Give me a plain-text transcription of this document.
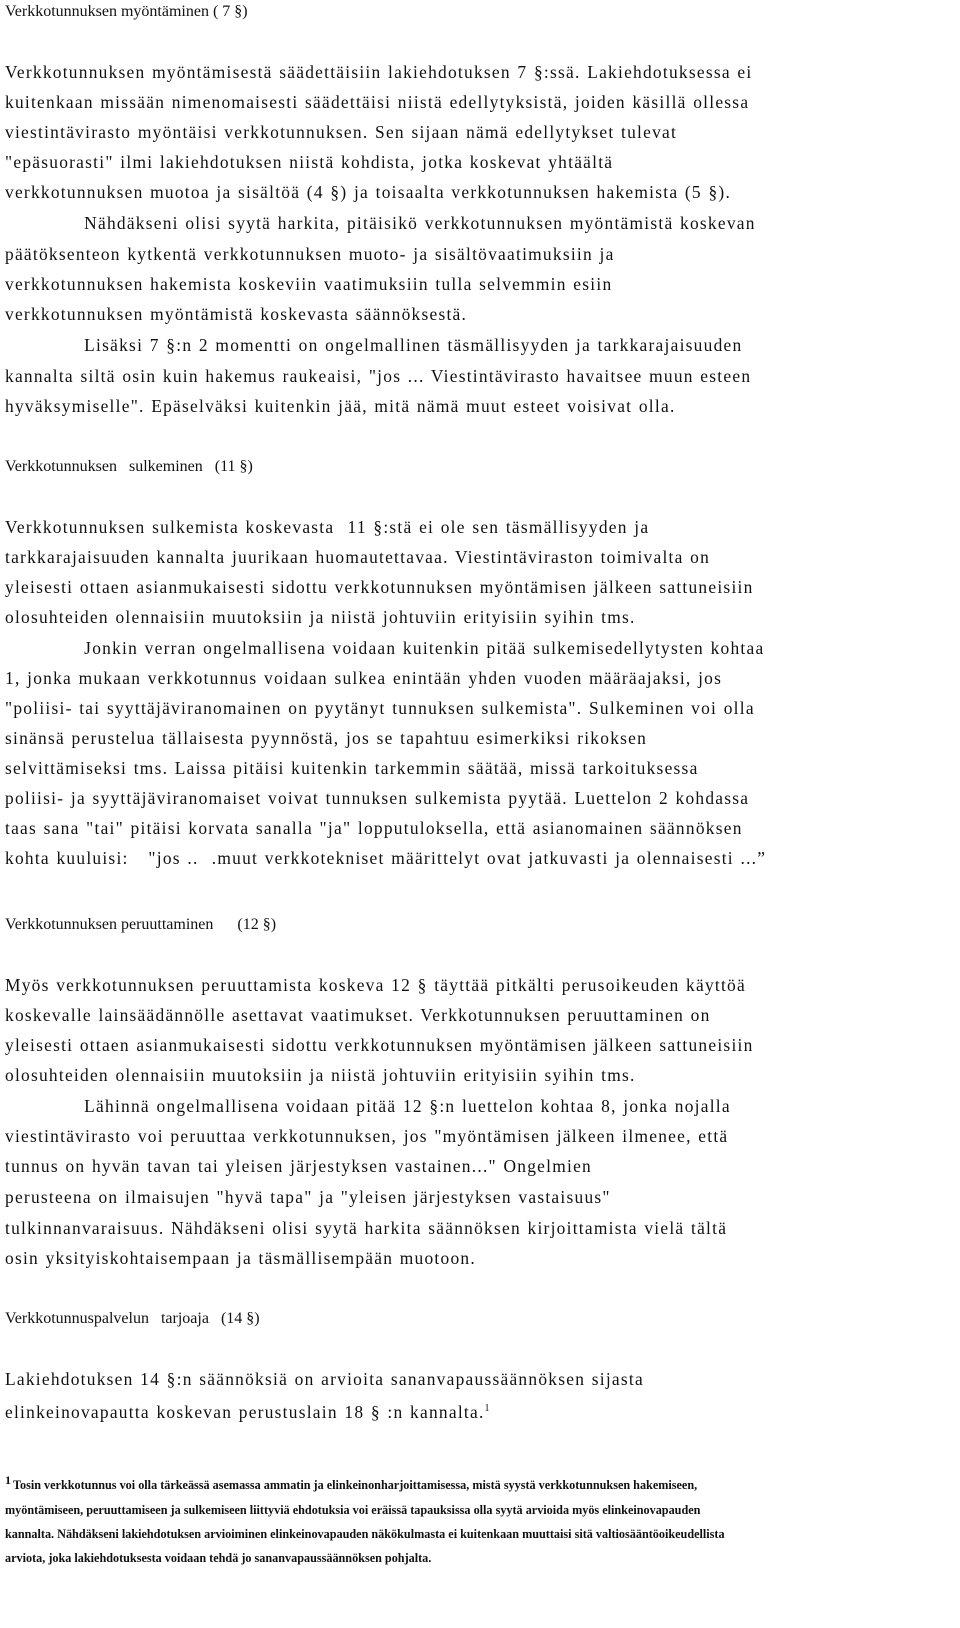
Verkkotunnuksen myöntäminen ( 7 §)
Verkkotunnuksen myöntämisestä säädettäisiin lakiehdotuksen 7 §:ssä. Lakiehdotuksessa ei
kuitenkaan missään nimenomaisesti säädettäisi niistä edellytyksistä, joiden käsillä ollessa
viestintävirasto myöntäisi verkkotunnuksen. Sen sijaan nämä edellytykset tulevat
"epäsuorasti" ilmi lakiehdotuksen niistä kohdista, jotka koskevat yhtäältä
verkkotunnuksen muotoa ja sisältöä (4 §) ja toisaalta verkkotunnuksen hakemista (5 §).
Nähdäkseni olisi syytä harkita, pitäisikö verkkotunnuksen myöntämistä koskevan
päätöksenteon kytkentä verkkotunnuksen muoto- ja sisältövaatimuksiin ja
verkkotunnuksen hakemista koskeviin vaatimuksiin tulla selvemmin esiin
verkkotunnuksen myöntämistä koskevasta säännöksestä.
Lisäksi 7 §:n 2 momentti on ongelmallinen täsmällisyyden ja tarkkarajaisuuden
kannalta siltä osin kuin hakemus raukeaisi, "jos ... Viestintävirasto havaitsee muun esteen
hyväksymiselle". Epäselväksi kuitenkin jää, mitä nämä muut esteet voisivat olla.
Verkkotunnuksen   sulkeminen   (11 §)
Verkkotunnuksen sulkemista koskevasta  11 §:stä ei ole sen täsmällisyyden ja
tarkkarajaisuuden kannalta juurikaan huomautettavaa. Viestintäviraston toimivalta on
yleisesti ottaen asianmukaisesti sidottu verkkotunnuksen myöntämisen jälkeen sattuneisiin
olosuhteiden olennaisiin muutoksiin ja niistä johtuviin erityisiin syihin tms.
Jonkin verran ongelmallisena voidaan kuitenkin pitää sulkemisedellytysten kohtaa
1, jonka mukaan verkkotunnus voidaan sulkea enintään yhden vuoden määräajaksi, jos
"poliisi- tai syyttäjäviranomainen on pyytänyt tunnuksen sulkemista". Sulkeminen voi olla
sinänsä perustelua tällaisesta pyynnöstä, jos se tapahtuu esimerkiksi rikoksen
selvittämiseksi tms. Laissa pitäisi kuitenkin tarkemmin säätää, missä tarkoituksessa
poliisi- ja syyttäjäviranomaiset voivat tunnuksen sulkemista pyytää. Luettelon 2 kohdassa
taas sana "tai" pitäisi korvata sanalla "ja" lopputuloksella, että asianomainen säännöksen
kohta kuuluisi:   "jos ..  .muut verkkotekniset määrittelyt ovat jatkuvasti ja olennaisesti ...”
Verkkotunnuksen peruuttaminen      (12 §)
Myös verkkotunnuksen peruuttamista koskeva 12 § täyttää pitkälti perusoikeuden käyttöä
koskevalle lainsäädännölle asettavat vaatimukset. Verkkotunnuksen peruuttaminen on
yleisesti ottaen asianmukaisesti sidottu verkkotunnuksen myöntämisen jälkeen sattuneisiin
olosuhteiden olennaisiin muutoksiin ja niistä johtuviin erityisiin syihin tms.
Lähinnä ongelmallisena voidaan pitää 12 §:n luettelon kohtaa 8, jonka nojalla
viestintävirasto voi peruuttaa verkkotunnuksen, jos "myöntämisen jälkeen ilmenee, että
tunnus on hyvän tavan tai yleisen järjestyksen vastainen..." Ongelmien
perusteena on ilmaisujen "hyvä tapa" ja "yleisen järjestyksen vastaisuus"
tulkinnanvaraisuus. Nähdäkseni olisi syytä harkita säännöksen kirjoittamista vielä tältä
osin yksityiskohtaisempaan ja täsmällisempään muotoon.
Verkkotunnuspalvelun   tarjoaja   (14 §)
Lakiehdotuksen 14 §:n säännöksiä on arvioita sananvapaussäännöksen sijasta
elinkeinovapautta koskevan perustuslain 18 § :n kannalta.$^1$
1 Tosin verkkotunnus voi olla tärkeässä asemassa ammatin ja elinkeinonharjoittamisessa, mistä syystä verkkotunnuksen hakemiseen,
myöntämiseen, peruuttamiseen ja sulkemiseen liittyviä ehdotuksia voi eräissä tapauksissa olla syytä arvioida myös elinkeinovapauden
kannalta. Nähdäkseni lakiehdotuksen arvioiminen elinkeinovapauden näkökulmasta ei kuitenkaan muuttaisi sitä valtiosääntöoikeudellista
arviota, joka lakiehdotuksesta voidaan tehdä jo sananvapaussäännöksen pohjalta.
